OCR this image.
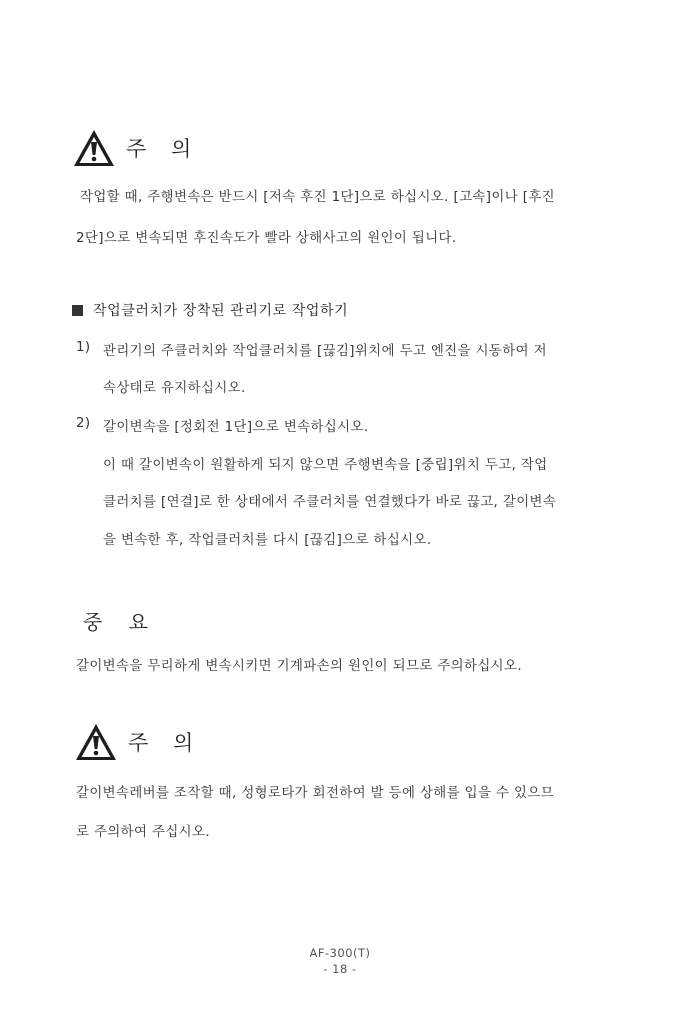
주 의
작업할 때, 주행변속은 반드시 [저속 후진 1단]으로 하십시오. [고속]이나 [후진
2단]으로 변속되면 후진속도가 빨라 상해사고의 원인이 됩니다.
작업클러치가 장착된 관리기로 작업하기
1) 관리기의 주클러치와 작업클러치를 [끊김]위치에 두고 엔진을 시동하여 저
속상태로 유지하십시오.
2) 갈이변속을 [정회전 1단]으로 변속하십시오.
이 때 갈이변속이 원활하게 되지 않으면 주행변속을 [중립]위치 두고, 작업
클러치를 [연결]로 한 상태에서 주클러치를 연결했다가 바로 끊고, 갈이변속
을 변속한 후, 작업클러치를 다시 [끊김]으로 하십시오.
중 요
갈이변속을 무리하게 변속시키면 기계파손의 원인이 되므로 주의하십시오.
주 의
갈이변속레버를 조작할 때, 성형로타가 회전하여 발 등에 상해를 입을 수 있으므
로 주의하여 주십시오.
AF-300(T)
- 18 -
